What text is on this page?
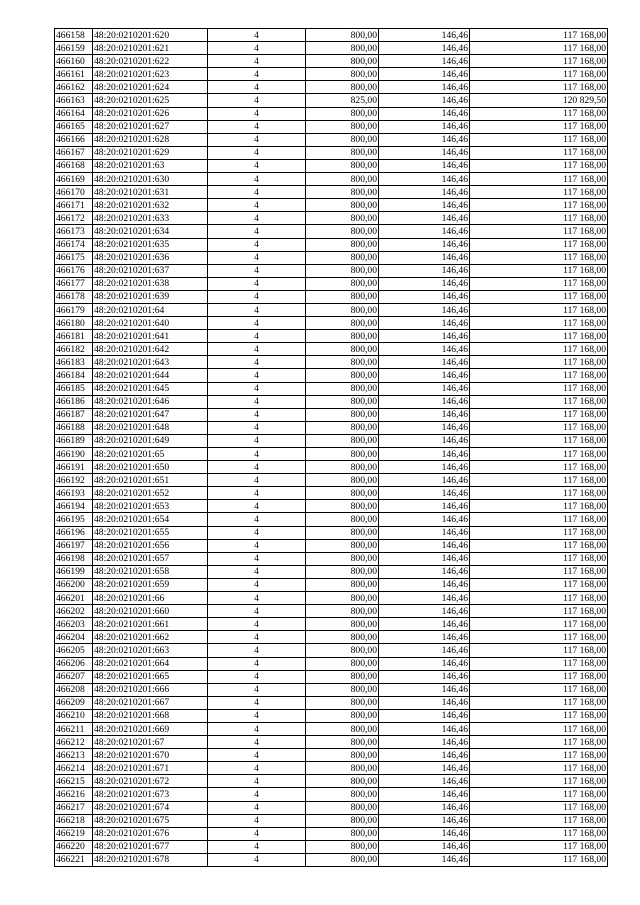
466158	48:20:0210201:620	4	800,00	146,46	117 168,00
466159	48:20:0210201:621	4	800,00	146,46	117 168,00
466160	48:20:0210201:622	4	800,00	146,46	117 168,00
466161	48:20:0210201:623	4	800,00	146,46	117 168,00
466162	48:20:0210201:624	4	800,00	146,46	117 168,00
466163	48:20:0210201:625	4	825,00	146,46	120 829,50
466164	48:20:0210201:626	4	800,00	146,46	117 168,00
466165	48:20:0210201:627	4	800,00	146,46	117 168,00
466166	48:20:0210201:628	4	800,00	146,46	117 168,00
466167	48:20:0210201:629	4	800,00	146,46	117 168,00
466168	48:20:0210201:63	4	800,00	146,46	117 168,00
466169	48:20:0210201:630	4	800,00	146,46	117 168,00
466170	48:20:0210201:631	4	800,00	146,46	117 168,00
466171	48:20:0210201:632	4	800,00	146,46	117 168,00
466172	48:20:0210201:633	4	800,00	146,46	117 168,00
466173	48:20:0210201:634	4	800,00	146,46	117 168,00
466174	48:20:0210201:635	4	800,00	146,46	117 168,00
466175	48:20:0210201:636	4	800,00	146,46	117 168,00
466176	48:20:0210201:637	4	800,00	146,46	117 168,00
466177	48:20:0210201:638	4	800,00	146,46	117 168,00
466178	48:20:0210201:639	4	800,00	146,46	117 168,00
466179	48:20:0210201:64	4	800,00	146,46	117 168,00
466180	48:20:0210201:640	4	800,00	146,46	117 168,00
466181	48:20:0210201:641	4	800,00	146,46	117 168,00
466182	48:20:0210201:642	4	800,00	146,46	117 168,00
466183	48:20:0210201:643	4	800,00	146,46	117 168,00
466184	48:20:0210201:644	4	800,00	146,46	117 168,00
466185	48:20:0210201:645	4	800,00	146,46	117 168,00
466186	48:20:0210201:646	4	800,00	146,46	117 168,00
466187	48:20:0210201:647	4	800,00	146,46	117 168,00
466188	48:20:0210201:648	4	800,00	146,46	117 168,00
466189	48:20:0210201:649	4	800,00	146,46	117 168,00
466190	48:20:0210201:65	4	800,00	146,46	117 168,00
466191	48:20:0210201:650	4	800,00	146,46	117 168,00
466192	48:20:0210201:651	4	800,00	146,46	117 168,00
466193	48:20:0210201:652	4	800,00	146,46	117 168,00
466194	48:20:0210201:653	4	800,00	146,46	117 168,00
466195	48:20:0210201:654	4	800,00	146,46	117 168,00
466196	48:20:0210201:655	4	800,00	146,46	117 168,00
466197	48:20:0210201:656	4	800,00	146,46	117 168,00
466198	48:20:0210201:657	4	800,00	146,46	117 168,00
466199	48:20:0210201:658	4	800,00	146,46	117 168,00
466200	48:20:0210201:659	4	800,00	146,46	117 168,00
466201	48:20:0210201:66	4	800,00	146,46	117 168,00
466202	48:20:0210201:660	4	800,00	146,46	117 168,00
466203	48:20:0210201:661	4	800,00	146,46	117 168,00
466204	48:20:0210201:662	4	800,00	146,46	117 168,00
466205	48:20:0210201:663	4	800,00	146,46	117 168,00
466206	48:20:0210201:664	4	800,00	146,46	117 168,00
466207	48:20:0210201:665	4	800,00	146,46	117 168,00
466208	48:20:0210201:666	4	800,00	146,46	117 168,00
466209	48:20:0210201:667	4	800,00	146,46	117 168,00
466210	48:20:0210201:668	4	800,00	146,46	117 168,00
466211	48:20:0210201:669	4	800,00	146,46	117 168,00
466212	48:20:0210201:67	4	800,00	146,46	117 168,00
466213	48:20:0210201:670	4	800,00	146,46	117 168,00
466214	48:20:0210201:671	4	800,00	146,46	117 168,00
466215	48:20:0210201:672	4	800,00	146,46	117 168,00
466216	48:20:0210201:673	4	800,00	146,46	117 168,00
466217	48:20:0210201:674	4	800,00	146,46	117 168,00
466218	48:20:0210201:675	4	800,00	146,46	117 168,00
466219	48:20:0210201:676	4	800,00	146,46	117 168,00
466220	48:20:0210201:677	4	800,00	146,46	117 168,00
466221	48:20:0210201:678	4	800,00	146,46	117 168,00
